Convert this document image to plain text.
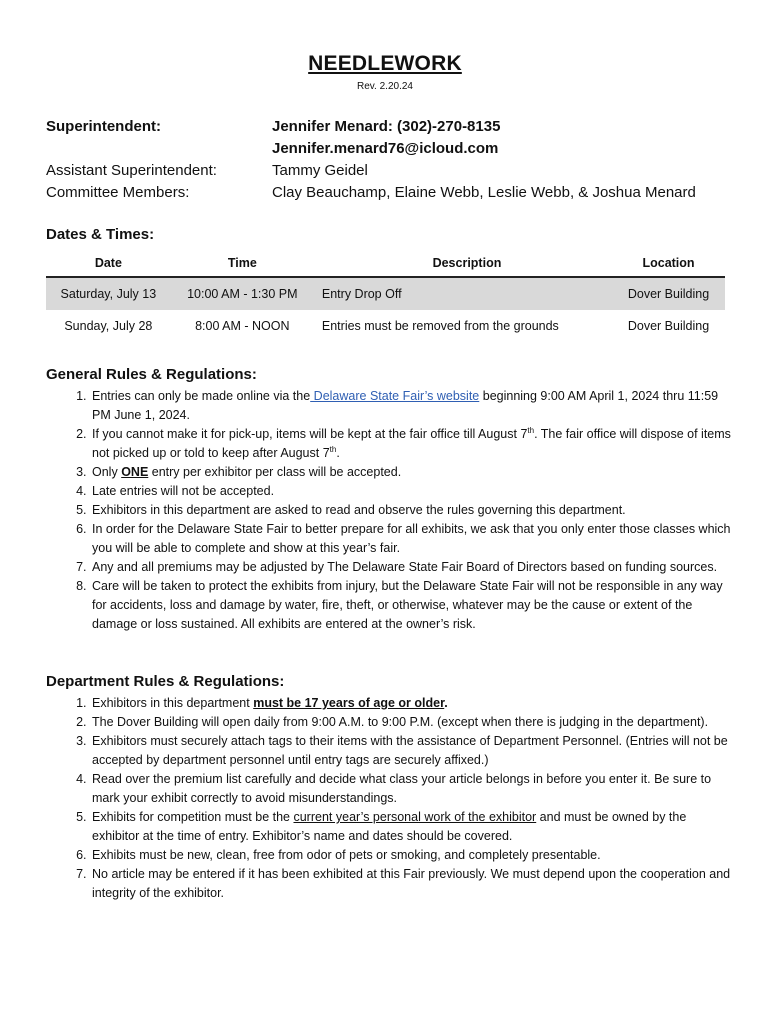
NEEDLEWORK
Rev. 2.20.24
Superintendent:	Jennifer Menard: (302)-270-8135
Jennifer.menard76@icloud.com
Assistant Superintendent:	Tammy Geidel
Committee Members:	Clay Beauchamp, Elaine Webb, Leslie Webb, & Joshua Menard
Dates & Times:
Date	Time	Description	Location
Saturday, July 13	10:00 AM - 1:30 PM	Entry Drop Off	Dover Building
Sunday, July 28	8:00 AM - NOON	Entries must be removed from the grounds	Dover Building
General Rules & Regulations:
1. Entries can only be made online via the Delaware State Fair’s website beginning 9:00 AM April 1, 2024 thru 11:59 PM June 1, 2024.
2. If you cannot make it for pick-up, items will be kept at the fair office till August 7th. The fair office will dispose of items not picked up or told to keep after August 7th.
3. Only ONE entry per exhibitor per class will be accepted.
4. Late entries will not be accepted.
5. Exhibitors in this department are asked to read and observe the rules governing this department.
6. In order for the Delaware State Fair to better prepare for all exhibits, we ask that you only enter those classes which you will be able to complete and show at this year’s fair.
7. Any and all premiums may be adjusted by The Delaware State Fair Board of Directors based on funding sources.
8. Care will be taken to protect the exhibits from injury, but the Delaware State Fair will not be responsible in any way for accidents, loss and damage by water, fire, theft, or otherwise, whatever may be the cause or extent of the damage or loss sustained. All exhibits are entered at the owner’s risk.
Department Rules & Regulations:
1. Exhibitors in this department must be 17 years of age or older.
2. The Dover Building will open daily from 9:00 A.M. to 9:00 P.M. (except when there is judging in the department).
3. Exhibitors must securely attach tags to their items with the assistance of Department Personnel. (Entries will not be accepted by department personnel until entry tags are securely affixed.)
4. Read over the premium list carefully and decide what class your article belongs in before you enter it. Be sure to mark your exhibit correctly to avoid misunderstandings.
5. Exhibits for competition must be the current year’s personal work of the exhibitor and must be owned by the exhibitor at the time of entry. Exhibitor’s name and dates should be covered.
6. Exhibits must be new, clean, free from odor of pets or smoking, and completely presentable.
7. No article may be entered if it has been exhibited at this Fair previously. We must depend upon the cooperation and integrity of the exhibitor.
